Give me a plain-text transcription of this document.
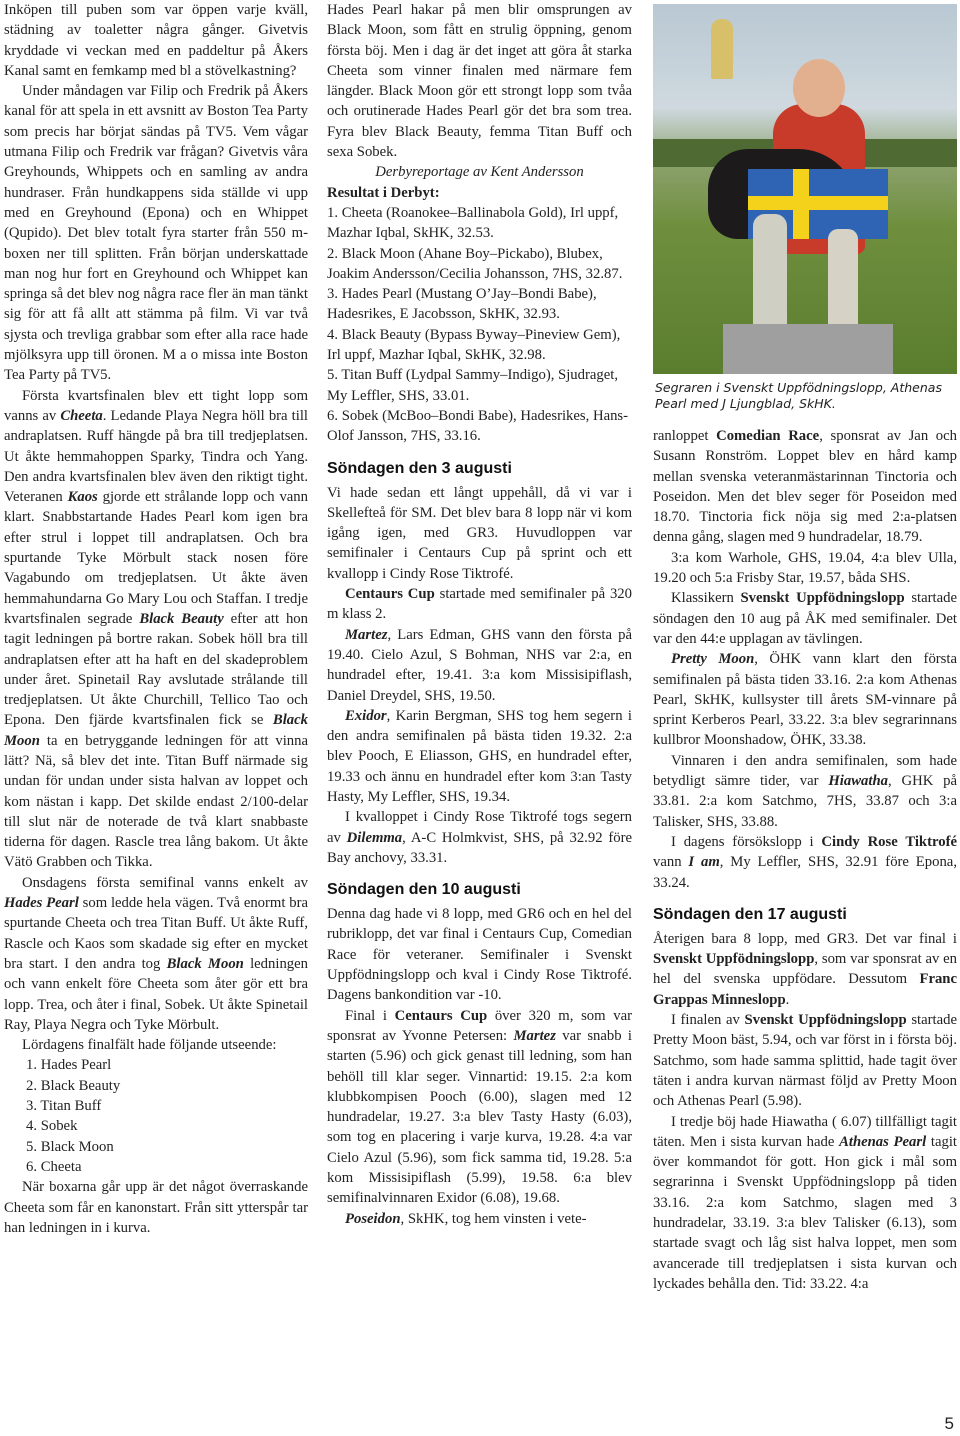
Inköpen till puben som var öppen varje kväll, städning av toaletter några gånger. Givetvis kryddade vi veckan med en paddeltur på Åkers Kanal samt en femkamp med bl a stövelkastning?

Under måndagen var Filip och Fredrik på Åkers kanal för att spela in ett avsnitt av Boston Tea Party som precis har börjat sändas på TV5. Vem vågar utmana Filip och Fredrik var frågan? Givetvis våra Greyhounds, Whippets och en samling av andra hundraser. Från hundkappens sida ställde vi upp med en Greyhound (Epona) och en Whippet (Qupido). Det blev totalt fyra starter från 550 m-boxen ner till splitten. Från början underskattade man nog hur fort en Greyhound och Whippet kan springa så det blev nog några race fler än man tänkt sig för att få allt att stämma på film. Vi var två sjysta och trevliga grabbar som efter alla race hade mjölksyra upp till öronen. M a o missa inte Boston Tea Party på TV5.

Första kvartsfinalen blev ett tight lopp som vanns av Cheeta. Ledande Playa Negra höll bra till andraplatsen. Ruff hängde på bra till tredjeplatsen. Ut åkte hemmahoppen Sparky, Tindra och Yang. Den andra kvartsfinalen blev även den riktigt tight. Veteranen Kaos gjorde ett strålande lopp och vann klart. Snabbstartande Hades Pearl kom igen bra efter strul i loppet till andraplatsen. Och bra spurtande Tyke Mörbult stack nosen före Vagabundo om tredjeplatsen. Ut åkte även hemmahundarna Go Mary Lou och Staffan. I tredje kvartsfinalen segrade Black Beauty efter att hon tagit ledningen på bortre rakan. Sobek höll bra till andraplatsen efter att ha haft en del skadeproblem under året. Spinetail Ray avslutade strålande till tredjeplatsen. Ut åkte Churchill, Tellico Tao och Epona. Den fjärde kvartsfinalen fick se Black Moon ta en betryggande ledningen för att vinna lätt? Nä, så blev det inte. Titan Buff närmade sig undan för undan under sista halvan av loppet och kom nästan i kapp. Det skilde endast 2/100-delar till slut när de noterade de två klart snabbaste tiderna för dagen. Rascle trea lång bakom. Ut åkte Vätö Grabben och Tikka.

Onsdagens första semifinal vanns enkelt av Hades Pearl som ledde hela vägen. Två enormt bra spurtande Cheeta och trea Titan Buff. Ut åkte Ruff, Rascle och Kaos som skadade sig efter en mycket bra start. I den andra tog Black Moon ledningen och vann enkelt före Cheeta som åter gör ett bra lopp. Trea, och åter i final, Sobek. Ut åkte Spinetail Ray, Playa Negra och Tyke Mörbult.

Lördagens finalfält hade följande utseende:

1. Hades Pearl

2. Black Beauty

3. Titan Buff

4. Sobek

5. Black Moon

6. Cheeta

När boxarna går upp är det något överraskande Cheeta som får en kanonstart. Från sitt ytterspår tar han ledningen in i kurva.

Hades Pearl hakar på men blir omsprungen av Black Moon, som fått en strulig öppning, genom första böj. Men i dag är det inget att göra åt starka Cheeta som vinner finalen med närmare fem längder. Black Moon gör ett strongt lopp som tvåa och orutinerade Hades Pearl gör det bra som trea. Fyra blev Black Beauty, femma Titan Buff och sexa Sobek.

Derbyreportage av Kent Andersson

Resultat i Derbyt:

1. Cheeta (Roanokee–Ballinabola Gold), Irl uppf, Mazhar Iqbal, SkHK, 32.53.

2. Black Moon (Ahane Boy–Pickabo), Blubex, Joakim Andersson/Cecilia Johansson, 7HS, 32.87.

3. Hades Pearl (Mustang O’Jay–Bondi Babe), Hadesrikes, E Jacobsson, SkHK, 32.93.

4. Black Beauty (Bypass Byway–Pineview Gem), Irl uppf, Mazhar Iqbal, SkHK, 32.98.

5. Titan Buff (Lydpal Sammy–Indigo), Sjudraget, My Leffler, SHS, 33.01.

6. Sobek (McBoo–Bondi Babe), Hadesrikes, Hans-Olof Jansson, 7HS, 33.16.

Söndagen den 3 augusti

Vi hade sedan ett långt uppehåll, då vi var i Skellefteå för SM. Det blev bara 8 lopp när vi kom igång igen, med GR3. Huvudloppen var semifinaler i Centaurs Cup på sprint och ett kvallopp i Cindy Rose Tiktrofé.

Centaurs Cup startade med semifinaler på 320 m klass 2.

Martez, Lars Edman, GHS vann den första på 19.40. Cielo Azul, S Bohman, NHS var 2:a, en hundradel efter, 19.41. 3:a kom Missisipiflash, Daniel Dreydel, SHS, 19.50.

Exidor, Karin Bergman, SHS tog hem segern i den andra semifinalen på bästa tiden 19.32. 2:a blev Pooch, E Eliasson, GHS, en hundradel efter, 19.33 och ännu en hundradel efter kom 3:an Tasty Hasty, My Leffler, SHS, 19.34.

I kvalloppet i Cindy Rose Tiktrofé togs segern av Dilemma, A-C Holmkvist, SHS, på 32.92 före Bay anchovy, 33.31.

Söndagen den 10 augusti

Denna dag hade vi 8 lopp, med GR6 och en hel del rubriklopp, det var final i Centaurs Cup, Comedian Race för veteraner. Semifinaler i Svenskt Uppfödningslopp och kval i Cindy Rose Tiktrofé. Dagens bankondition var -10.

Final i Centaurs Cup över 320 m, som var sponsrat av Yvonne Petersen: Martez var snabb i starten (5.96) och gick genast till ledning, som han behöll till klar seger. Vinnartid: 19.15. 2:a kom klubbkompisen Pooch (6.00), slagen med 12 hundradelar, 19.27. 3:a blev Tasty Hasty (6.03), som tog en placering i varje kurva, 19.28. 4:a var Cielo Azul (5.96), som fick samma tid, 19.28. 5:a kom Missisipiflash (5.99), 19.58. 6:a blev semifinalvinnaren Exidor (6.08), 19.68.

Poseidon, SkHK, tog hem vinsten i vete-

Segraren i Svenskt Uppfödningslopp, Athenas Pearl med J Ljungblad, SkHK.

ranloppet Comedian Race, sponsrat av Jan och Susann Ronström. Loppet blev en hård kamp mellan svenska veteranmästarinnan Tinctoria och Poseidon. Men det blev seger för Poseidon med 18.70. Tinctoria fick nöja sig med 2:a-platsen denna gång, slagen med 9 hundradelar, 18.79.

3:a kom Warhole, GHS, 19.04, 4:a blev Ulla, 19.20 och 5:a Frisby Star, 19.57, båda SHS.

Klassikern Svenskt Uppfödningslopp startade söndagen den 10 aug på ÅK med semifinaler. Det var den 44:e upplagan av tävlingen.

Pretty Moon, ÖHK vann klart den första semifinalen på bästa tiden 33.16. 2:a kom Athenas Pearl, SkHK, kullsyster till årets SM-vinnare på sprint Kerberos Pearl, 33.22. 3:a blev segrarinnans kullbror Moonshadow, ÖHK, 33.38.

Vinnaren i den andra semifinalen, som hade betydligt sämre tider, var Hiawatha, GHK på 33.81. 2:a kom Satchmo, 7HS, 33.87 och 3:a Talisker, SHS, 33.88.

I dagens försökslopp i Cindy Rose Tiktrofé vann I am, My Leffler, SHS, 32.91 före Epona, 33.24.

Söndagen den 17 augusti

Återigen bara 8 lopp, med GR3. Det var final i Svenskt Uppfödningslopp, som var sponsrat av en hel del svenska uppfödare. Dessutom Franc Grappas Minneslopp.

I finalen av Svenskt Uppfödningslopp startade Pretty Moon bäst, 5.94, och var först in i första böj. Satchmo, som hade samma splittid, hade tagit över täten i andra kurvan närmast följd av Pretty Moon och Athenas Pearl (5.98).

I tredje böj hade Hiawatha ( 6.07) tillfälligt tagit täten. Men i sista kurvan hade Athenas Pearl tagit över kommandot för gott. Hon gick i mål som segrarinna i Svenskt Uppfödningslopp på tiden 33.16. 2:a kom Satchmo, slagen med 3 hundradelar, 33.19. 3:a blev Talisker (6.13), som startade svagt och låg sist halva loppet, men som avancerade till tredjeplatsen i sista kurvan och lyckades behålla den. Tid: 33.22. 4:a

5
